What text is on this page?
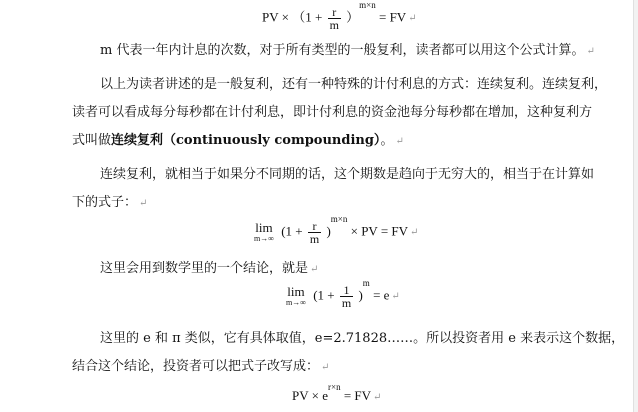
PV × $(1 + \frac{r}{m} )^{m\times n}$ = FV ↵
m 代表一年内计息的次数，对于所有类型的一般复利，读者都可以用这个公式计算。 ↵
以上为读者讲述的是一般复利，还有一种特殊的计付利息的方式：连续复利。连续复利，
读者可以看成每分每秒都在计付利息，即计付利息的资金池每分每秒都在增加，这种复利方
式叫做连续复利（continuously compounding）。 ↵
连续复利，就相当于如果分不同期的话，这个期数是趋向于无穷大的，相当于在计算如
下的式子： ↵
lim
m→∞ $(1 + \frac{r}{m} )^{m\times n}$ × PV = FV ↵
这里会用到数学里的一个结论，就是 ↵
lim
m→∞ $(1 + \frac{1}{m} )^m = e$ ↵
这里的 e 和 π 类似，它有具体取值，e=2.71828……。所以投资者用 e 来表示这个数据，
结合这个结论，投资者可以把式子改写成： ↵
PV × $e^{r\times n}$ = FV ↵
